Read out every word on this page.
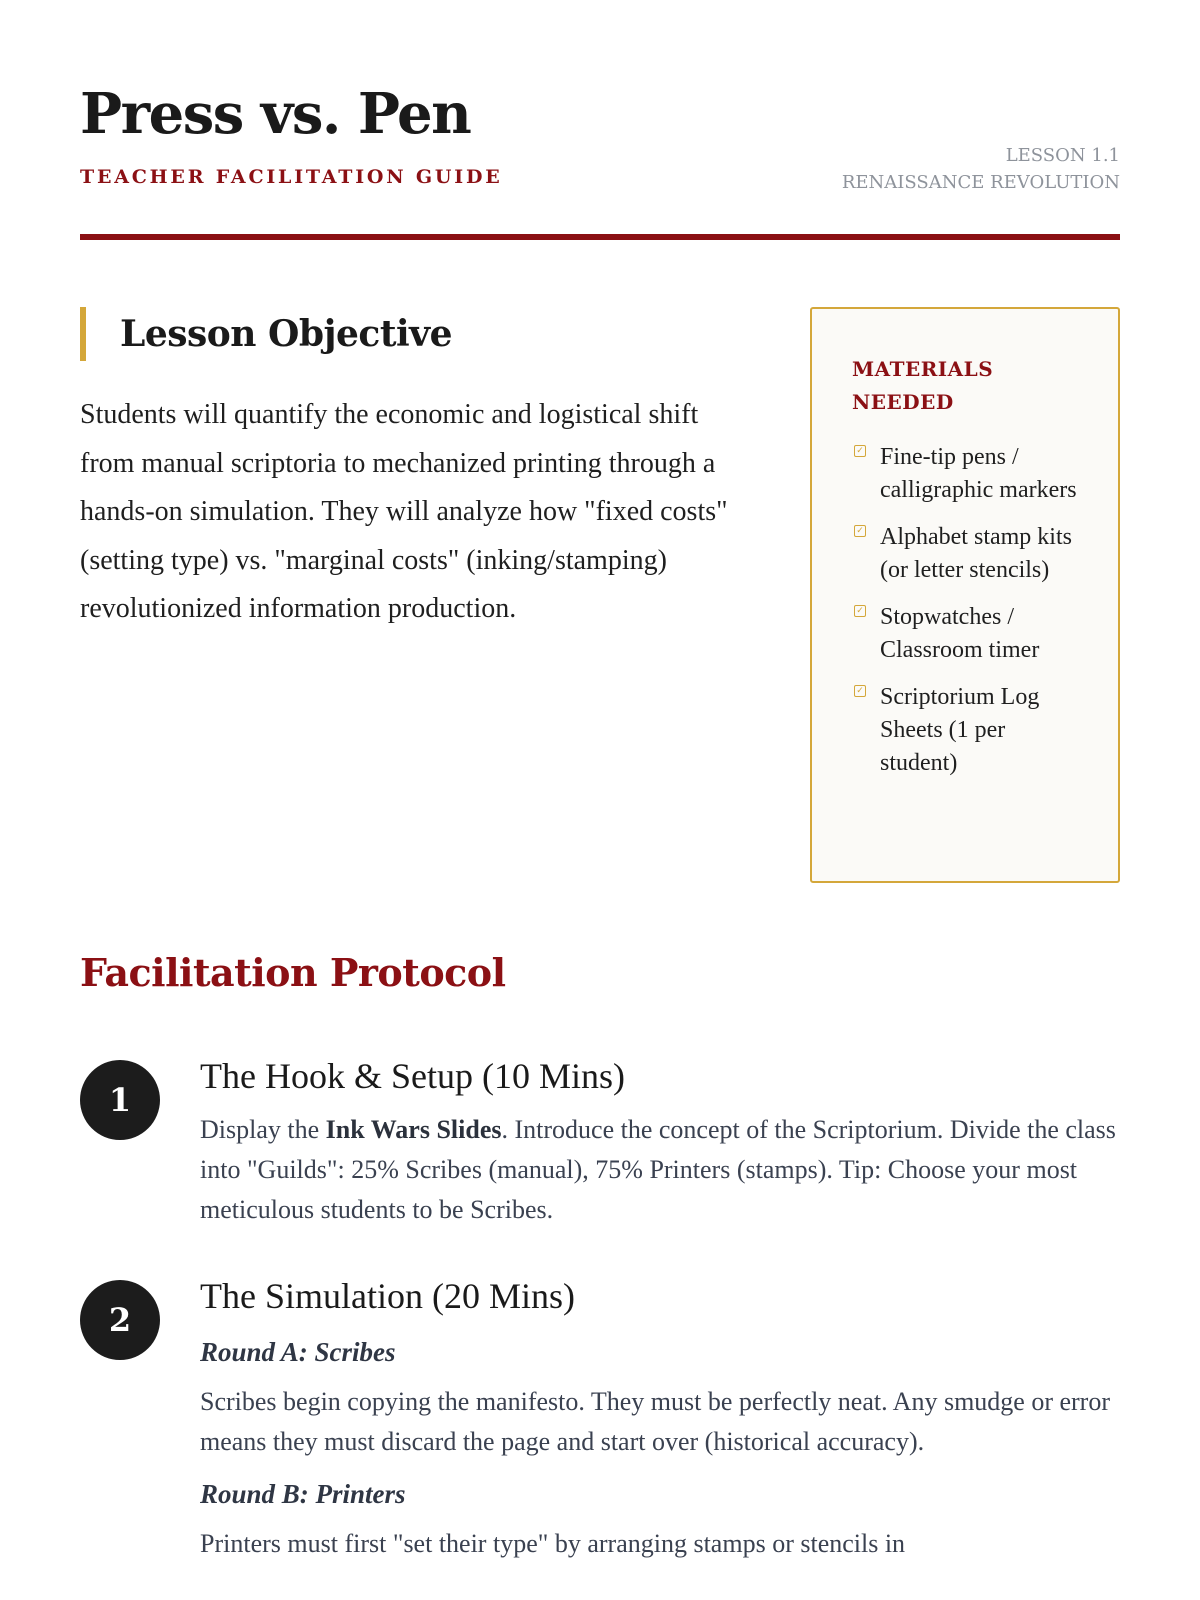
Press vs. Pen
TEACHER FACILITATION GUIDE
LESSON 1.1
RENAISSANCE REVOLUTION
Lesson Objective

Students will quantify the economic and logistical shift from manual scriptoria to mechanized printing through a hands-on simulation. They will analyze how "fixed costs" (setting type) vs. "marginal costs" (inking/stamping) revolutionized information production.

MATERIALS NEEDED
✓ Fine-tip pens / calligraphic markers
✓ Alphabet stamp kits (or letter stencils)
✓ Stopwatches / Classroom timer
✓ Scriptorium Log Sheets (1 per student)
Facilitation Protocol
1
The Hook & Setup (10 Mins)

Display the Ink Wars Slides. Introduce the concept of the Scriptorium. Divide the class into "Guilds": 25% Scribes (manual), 75% Printers (stamps). Tip: Choose your most meticulous students to be Scribes.

2
The Simulation (20 Mins)
Round A: Scribes

Scribes begin copying the manifesto. They must be perfectly neat. Any smudge or error means they must discard the page and start over (historical accuracy).

Round B: Printers

Printers must first "set their type" by arranging stamps or stencils in
